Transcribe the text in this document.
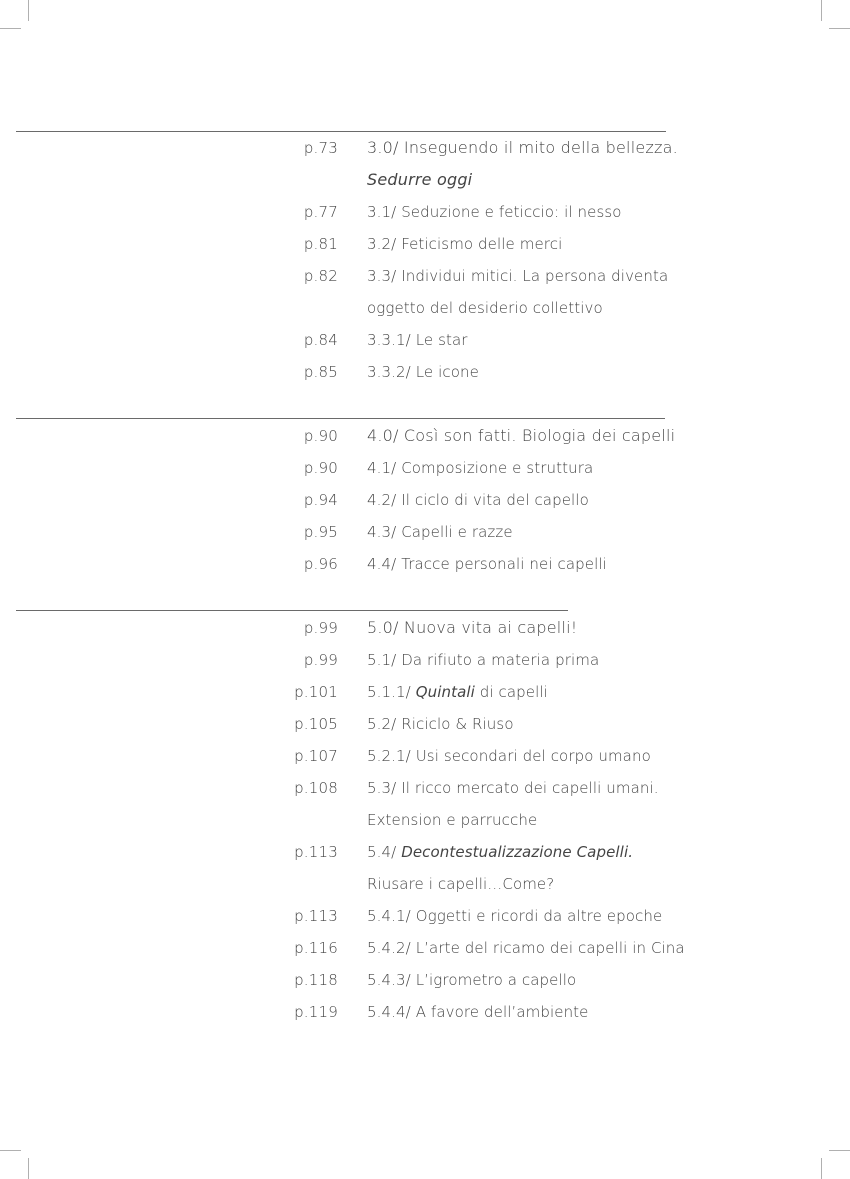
p.73 3.0/ Inseguendo il mito della bellezza.
Sedurre oggi
p.77 3.1/ Seduzione e feticcio: il nesso
p.81 3.2/ Feticismo delle merci
p.82 3.3/ Individui mitici. La persona diventa
oggetto del desiderio collettivo
p.84 3.3.1/ Le star
p.85 3.3.2/ Le icone
p.90 4.0/ Così son fatti. Biologia dei capelli
p.90 4.1/ Composizione e struttura
p.94 4.2/ Il ciclo di vita del capello
p.95 4.3/ Capelli e razze
p.96 4.4/ Tracce personali nei capelli
p.99 5.0/ Nuova vita ai capelli!
p.99 5.1/ Da rifiuto a materia prima
p.101 5.1.1/ Quintali di capelli
p.105 5.2/ Riciclo & Riuso
p.107 5.2.1/ Usi secondari del corpo umano
p.108 5.3/ Il ricco mercato dei capelli umani.
Extension e parrucche
p.113 5.4/ Decontestualizzazione Capelli.
Riusare i capelli…Come?
p.113 5.4.1/ Oggetti e ricordi da altre epoche
p.116 5.4.2/ L’arte del ricamo dei capelli in Cina
p.118 5.4.3/ L’igrometro a capello
p.119 5.4.4/ A favore dell’ambiente
